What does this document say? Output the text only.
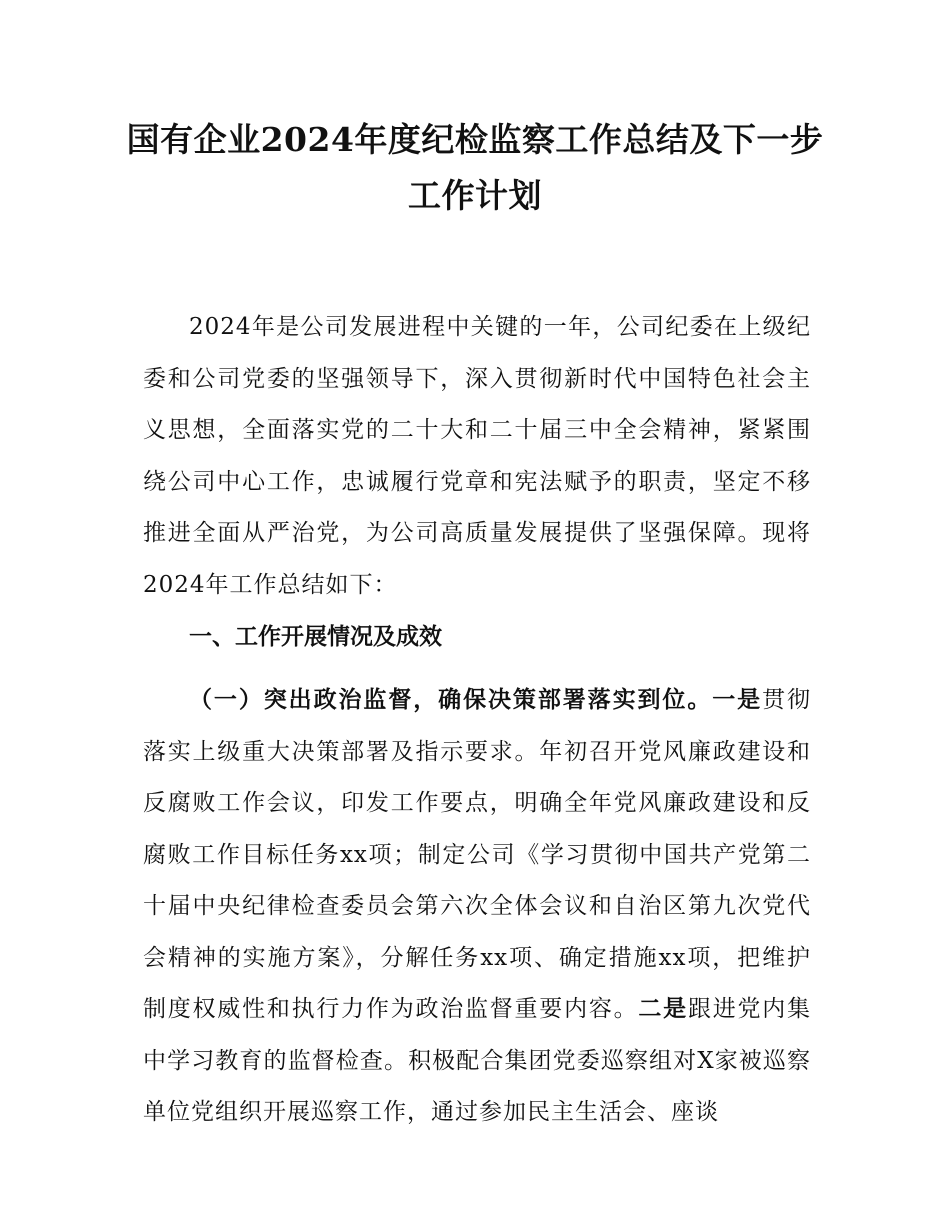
国有企业2024年度纪检监察工作总结及下一步工作计划

2024年是公司发展进程中关键的一年，公司纪委在上级纪委和公司党委的坚强领导下，深入贯彻新时代中国特色社会主义思想，全面落实党的二十大和二十届三中全会精神，紧紧围绕公司中心工作，忠诚履行党章和宪法赋予的职责，坚定不移推进全面从严治党，为公司高质量发展提供了坚强保障。现将2024年工作总结如下：

一、工作开展情况及成效

（一）突出政治监督，确保决策部署落实到位。一是贯彻落实上级重大决策部署及指示要求。年初召开党风廉政建设和反腐败工作会议，印发工作要点，明确全年党风廉政建设和反腐败工作目标任务xx项；制定公司《学习贯彻中国共产党第二十届中央纪律检查委员会第六次全体会议和自治区第九次党代会精神的实施方案》，分解任务xx项、确定措施xx项，把维护制度权威性和执行力作为政治监督重要内容。二是跟进党内集中学习教育的监督检查。积极配合集团党委巡察组对X家被巡察单位党组织开展巡察工作，通过参加民主生活会、座谈
